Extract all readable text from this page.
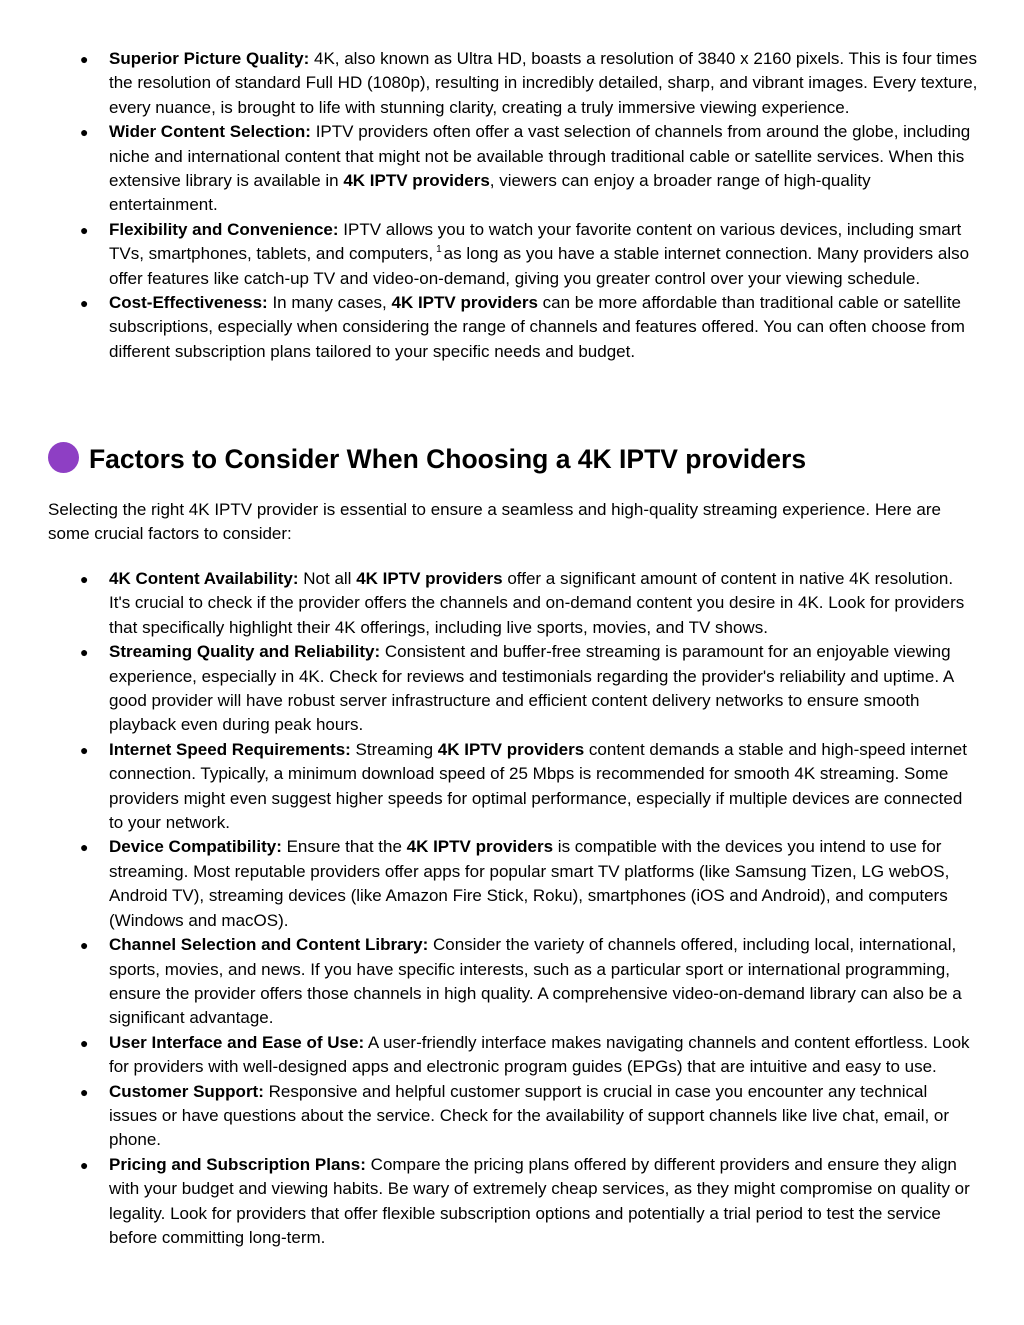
● Superior Picture Quality: 4K, also known as Ultra HD, boasts a resolution of 3840 x 2160 pixels. This is four times the resolution of standard Full HD (1080p), resulting in incredibly detailed, sharp, and vibrant images. Every texture, every nuance, is brought to life with stunning clarity, creating a truly immersive viewing experience.
● Wider Content Selection: IPTV providers often offer a vast selection of channels from around the globe, including niche and international content that might not be available through traditional cable or satellite services. When this extensive library is available in 4K IPTV providers, viewers can enjoy a broader range of high-quality entertainment.
● Flexibility and Convenience: IPTV allows you to watch your favorite content on various devices, including smart TVs, smartphones, tablets, and computers, $^1$ as long as you have a stable internet connection. Many providers also offer features like catch-up TV and video-on-demand, giving you greater control over your viewing schedule.
● Cost-Effectiveness: In many cases, 4K IPTV providers can be more affordable than traditional cable or satellite subscriptions, especially when considering the range of channels and features offered. You can often choose from different subscription plans tailored to your specific needs and budget.
Factors to Consider When Choosing a 4K IPTV providers

Selecting the right 4K IPTV provider is essential to ensure a seamless and high-quality streaming experience. Here are some crucial factors to consider:

● 4K Content Availability: Not all 4K IPTV providers offer a significant amount of content in native 4K resolution. It's crucial to check if the provider offers the channels and on-demand content you desire in 4K. Look for providers that specifically highlight their 4K offerings, including live sports, movies, and TV shows.
● Streaming Quality and Reliability: Consistent and buffer-free streaming is paramount for an enjoyable viewing experience, especially in 4K. Check for reviews and testimonials regarding the provider's reliability and uptime. A good provider will have robust server infrastructure and efficient content delivery networks to ensure smooth playback even during peak hours.
● Internet Speed Requirements: Streaming 4K IPTV providers content demands a stable and high-speed internet connection. Typically, a minimum download speed of 25 Mbps is recommended for smooth 4K streaming. Some providers might even suggest higher speeds for optimal performance, especially if multiple devices are connected to your network.
● Device Compatibility: Ensure that the 4K IPTV providers is compatible with the devices you intend to use for streaming. Most reputable providers offer apps for popular smart TV platforms (like Samsung Tizen, LG webOS, Android TV), streaming devices (like Amazon Fire Stick, Roku), smartphones (iOS and Android), and computers (Windows and macOS).
● Channel Selection and Content Library: Consider the variety of channels offered, including local, international, sports, movies, and news. If you have specific interests, such as a particular sport or international programming, ensure the provider offers those channels in high quality. A comprehensive video-on-demand library can also be a significant advantage.
● User Interface and Ease of Use: A user-friendly interface makes navigating channels and content effortless. Look for providers with well-designed apps and electronic program guides (EPGs) that are intuitive and easy to use.
● Customer Support: Responsive and helpful customer support is crucial in case you encounter any technical issues or have questions about the service. Check for the availability of support channels like live chat, email, or phone.
● Pricing and Subscription Plans: Compare the pricing plans offered by different providers and ensure they align with your budget and viewing habits. Be wary of extremely cheap services, as they might compromise on quality or legality. Look for providers that offer flexible subscription options and potentially a trial period to test the service before committing long-term.
